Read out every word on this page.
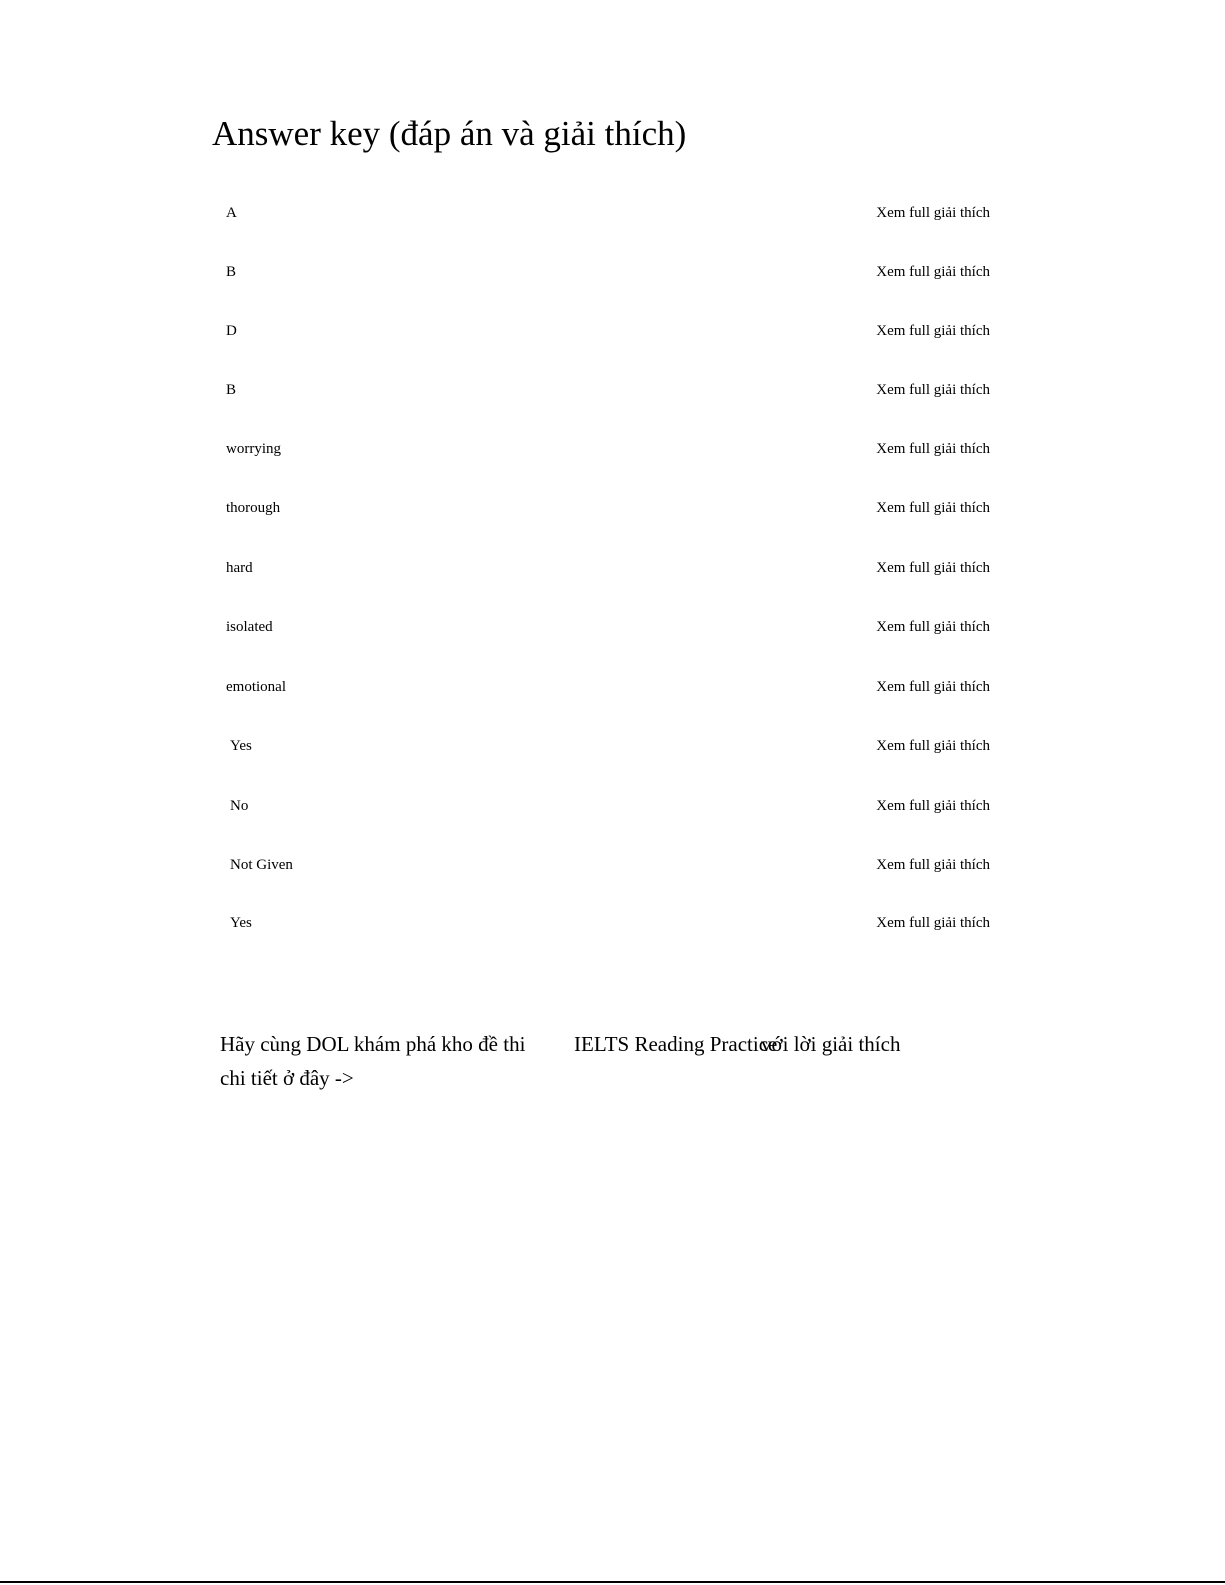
Answer key (đáp án và giải thích)
A	Xem full giải thích
B	Xem full giải thích
D	Xem full giải thích
B	Xem full giải thích
worrying	Xem full giải thích
thorough	Xem full giải thích
hard	Xem full giải thích
isolated	Xem full giải thích
emotional	Xem full giải thích
Yes	Xem full giải thích
No	Xem full giải thích
Not Given	Xem full giải thích
Yes	Xem full giải thích
Hãy cùng DOL khám phá kho đề thi IELTS Reading Practice
với lời giải thích
chi tiết ở đây ->
